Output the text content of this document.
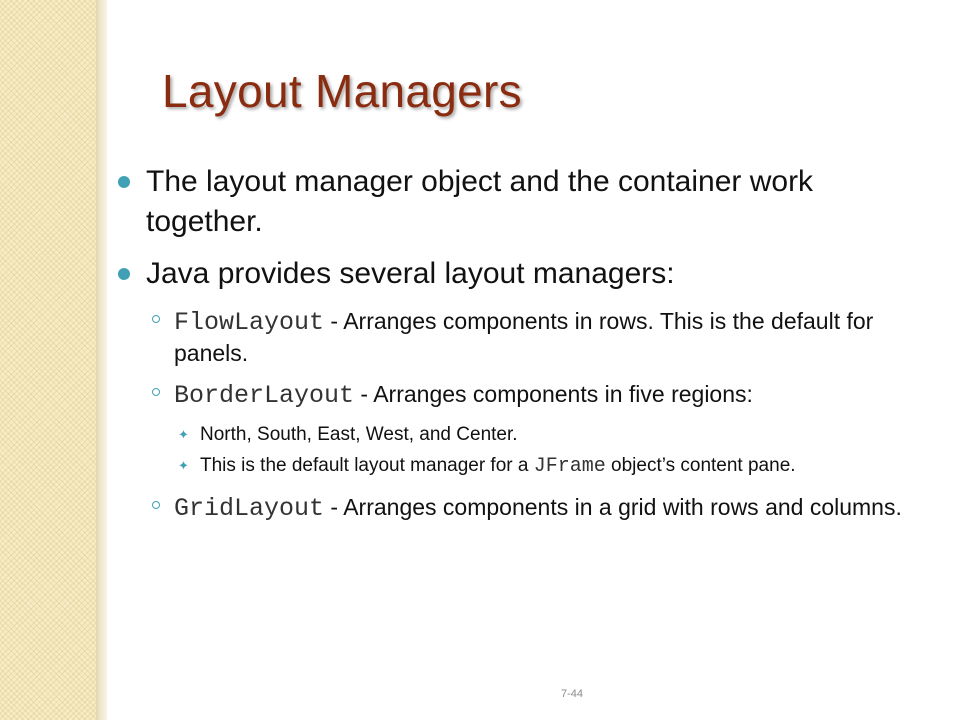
Layout Managers
The layout manager object and the container work together.
Java provides several layout managers:
FlowLayout - Arranges components in rows. This is the default for panels.
BorderLayout - Arranges components in five regions:
✦ North, South, East, West, and Center.
✦ This is the default layout manager for a JFrame object’s content pane.
GridLayout - Arranges components in a grid with rows and columns.
7-44
